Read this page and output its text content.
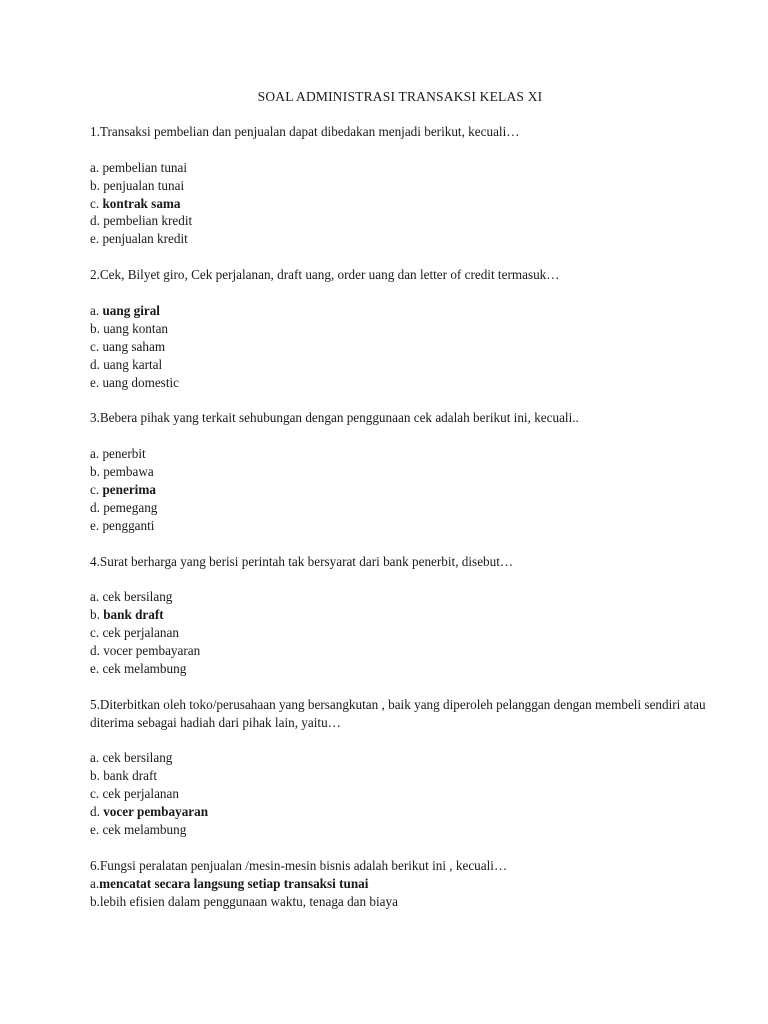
SOAL ADMINISTRASI TRANSAKSI KELAS XI

1.Transaksi pembelian dan penjualan dapat dibedakan menjadi berikut, kecuali…

a. pembelian tunai
b. penjualan tunai
c. kontrak sama
d. pembelian kredit
e. penjualan kredit

2.Cek, Bilyet giro, Cek perjalanan, draft uang, order uang dan letter of credit termasuk…

a. uang giral
b. uang kontan
c. uang saham
d. uang kartal
e. uang domestic

3.Bebera pihak yang terkait sehubungan dengan penggunaan cek adalah berikut ini, kecuali..

a. penerbit
b. pembawa
c. penerima
d. pemegang
e. pengganti

4.Surat berharga yang berisi perintah tak bersyarat dari bank penerbit, disebut…

a. cek bersilang
b. bank draft
c. cek perjalanan
d. vocer pembayaran
e. cek melambung

5.Diterbitkan oleh toko/perusahaan yang bersangkutan , baik yang diperoleh pelanggan dengan membeli sendiri atau diterima sebagai hadiah dari pihak lain, yaitu…

a. cek bersilang
b. bank draft
c. cek perjalanan
d. vocer pembayaran
e. cek melambung

6.Fungsi peralatan penjualan /mesin-mesin bisnis adalah berikut ini , kecuali…

a.mencatat secara langsung setiap transaksi tunai
b.lebih efisien dalam penggunaan waktu, tenaga dan biaya
